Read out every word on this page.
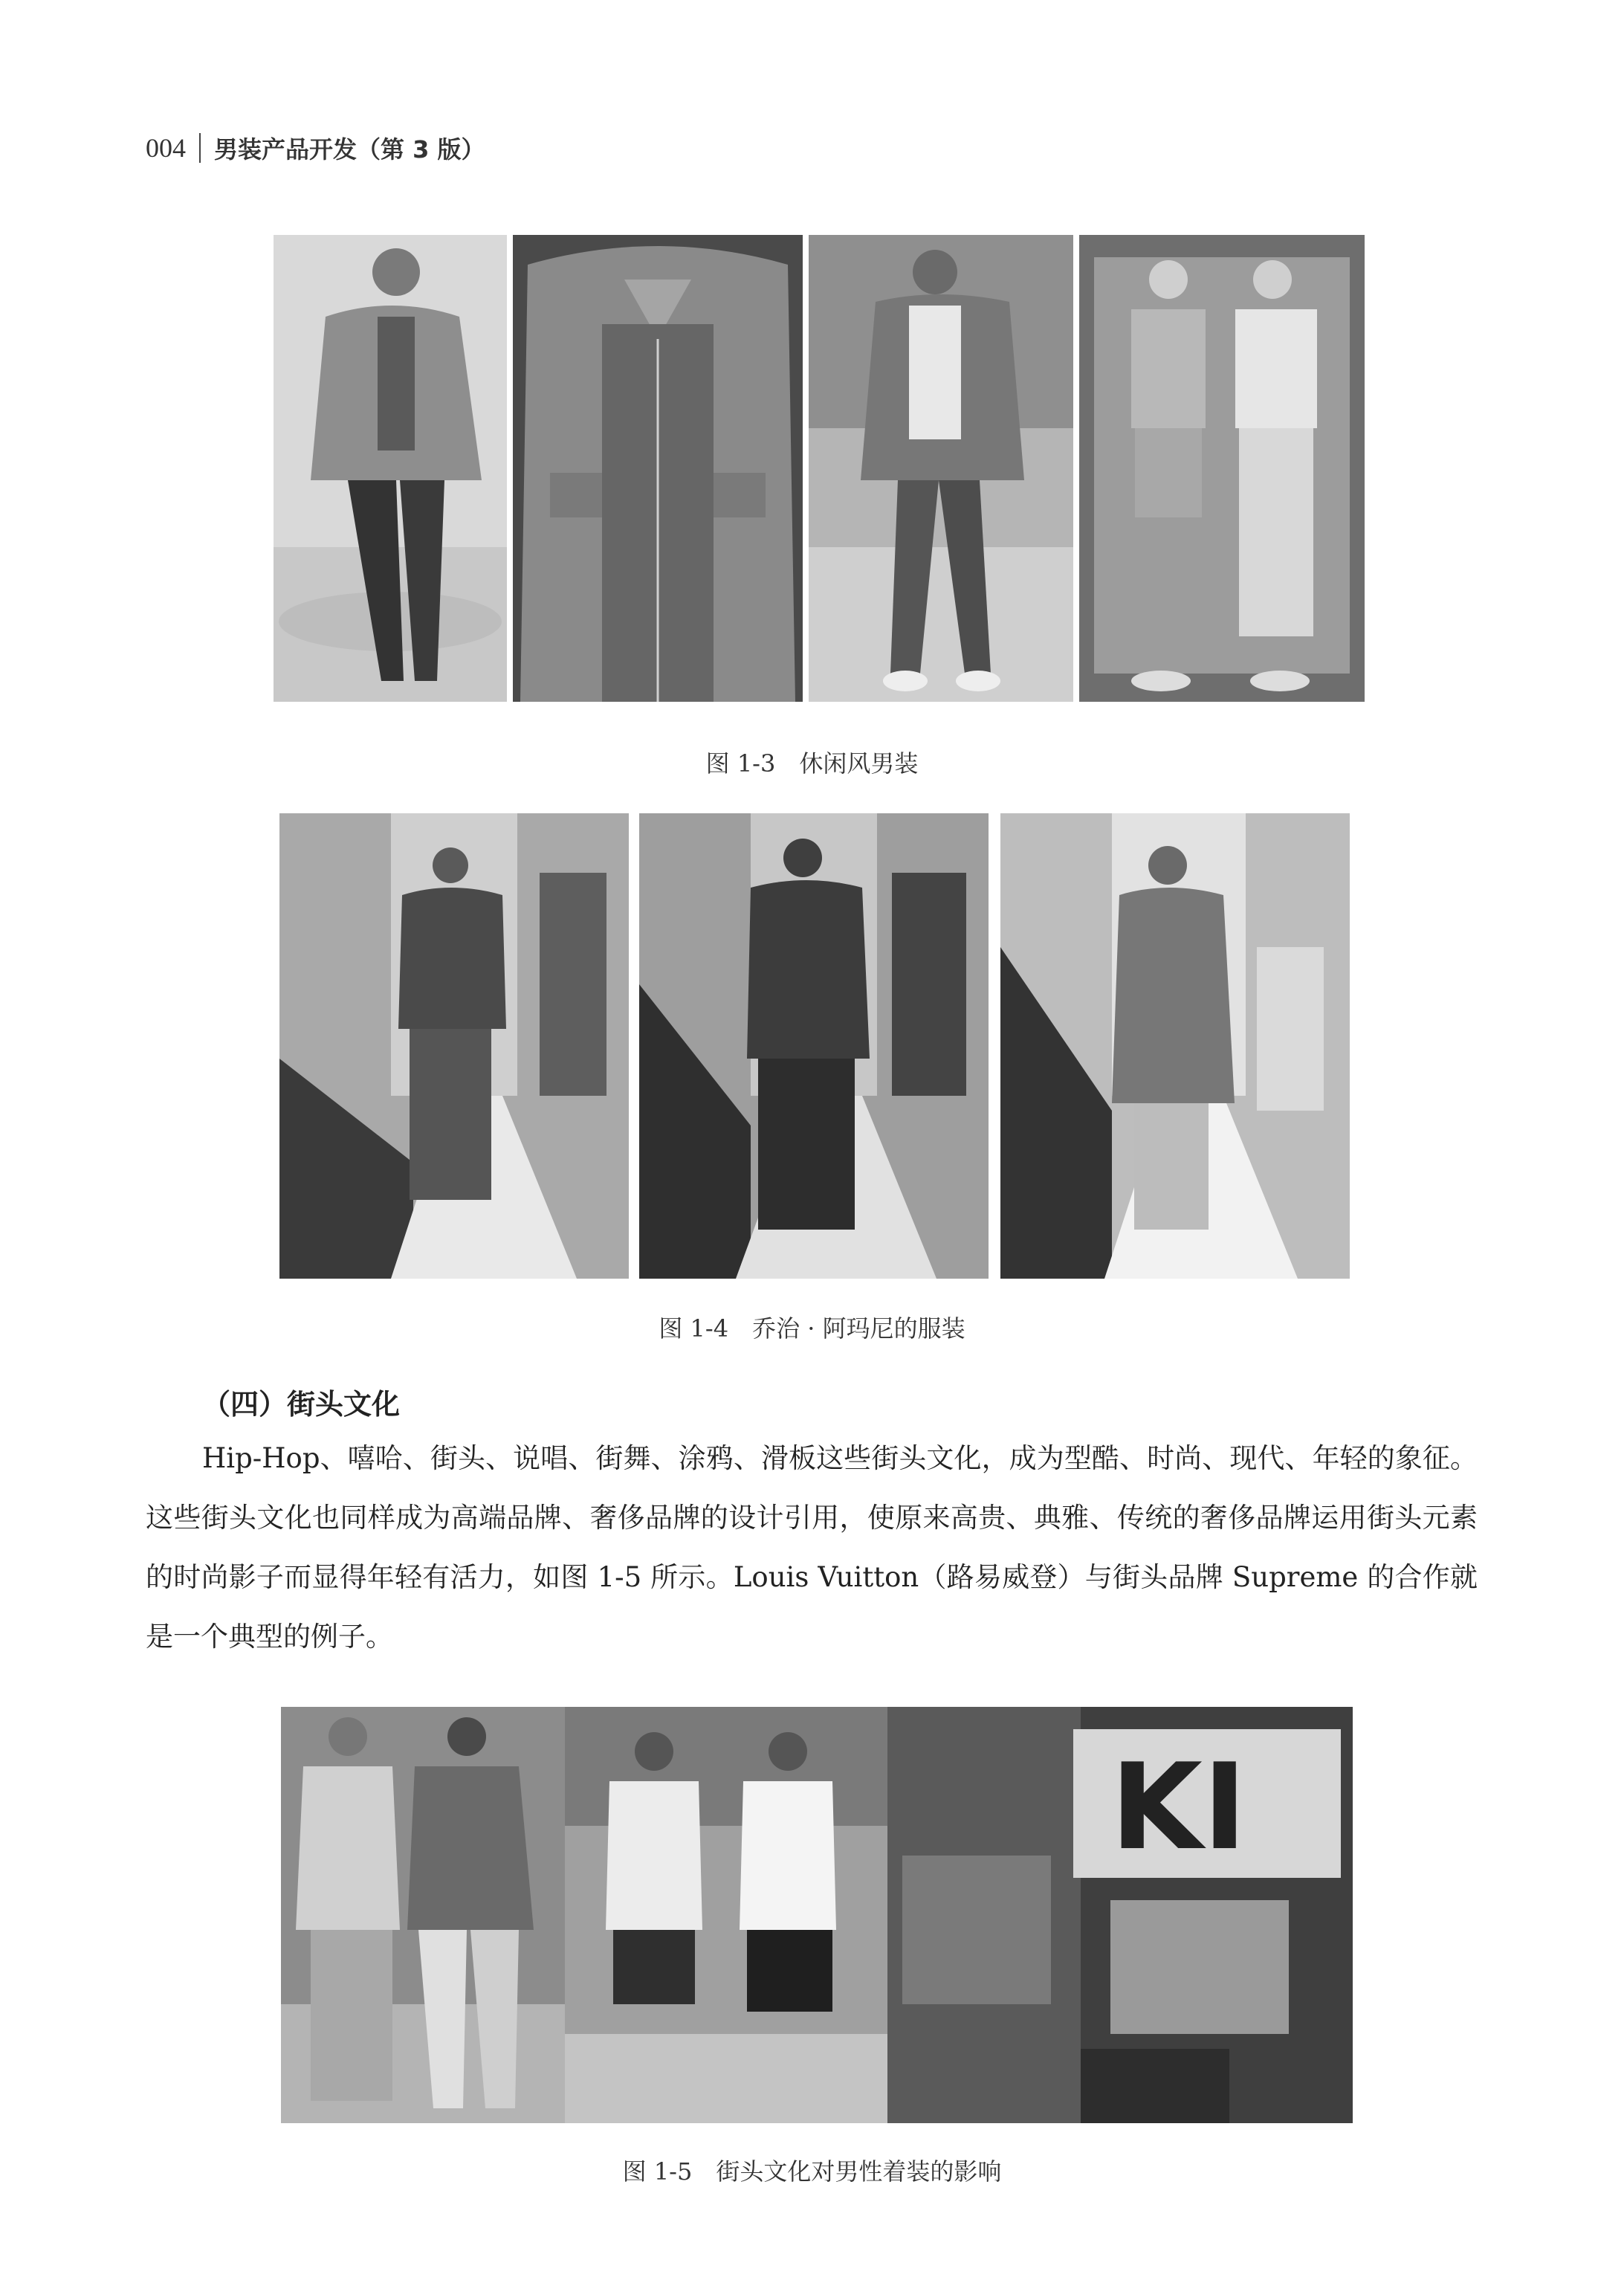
004 男装产品开发（第 3 版）
图 1-3　休闲风男装
图 1-4　乔治 · 阿玛尼的服装
（四）街头文化
Hip-Hop、嘻哈、街头、说唱、街舞、涂鸦、滑板这些街头文化，成为型酷、时尚、现代、年轻的象征。这些街头文化也同样成为高端品牌、奢侈品牌的设计引用，使原来高贵、典雅、传统的奢侈品牌运用街头元素的时尚影子而显得年轻有活力，如图 1-5 所示。Louis Vuitton（路易威登）与街头品牌 Supreme 的合作就是一个典型的例子。
KI
图 1-5　街头文化对男性着装的影响
